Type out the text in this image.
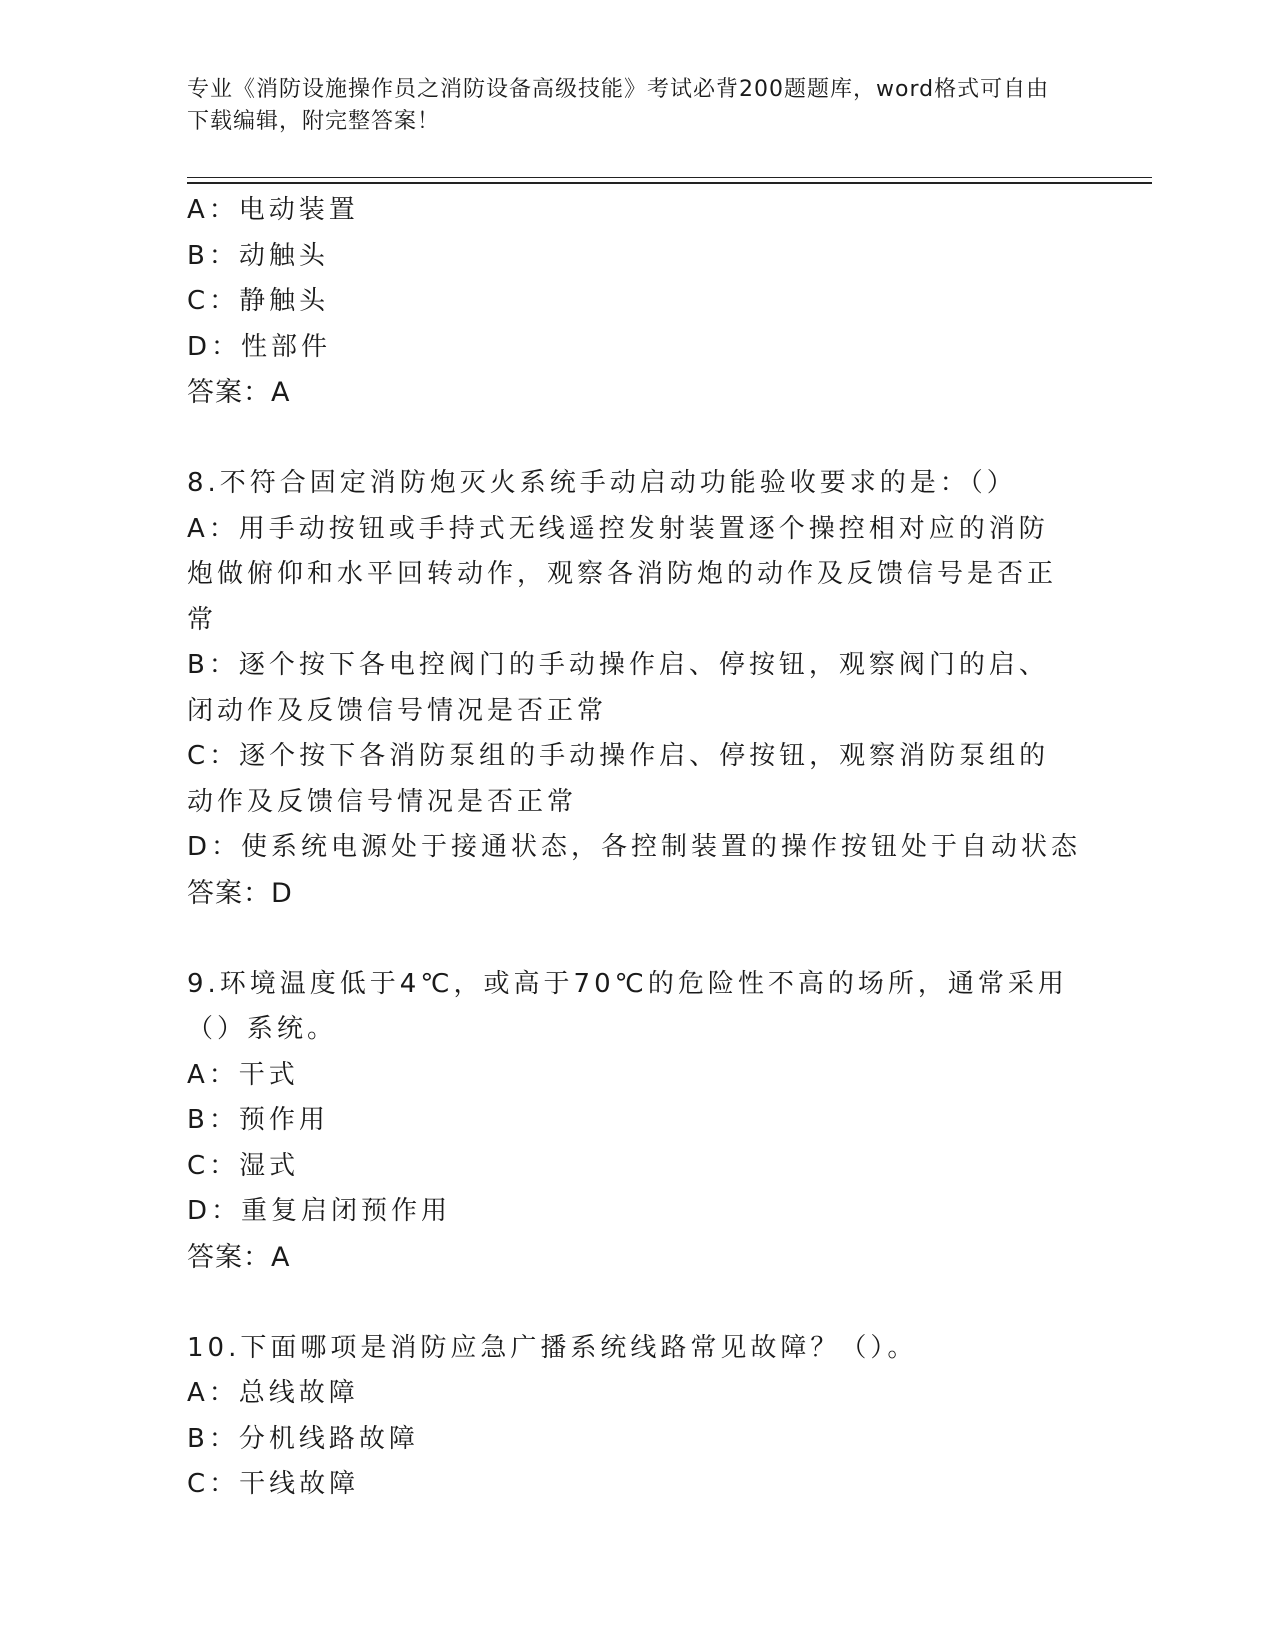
专业《消防设施操作员之消防设备高级技能》考试必背200题题库，word格式可自由下载编辑，附完整答案！
A：电动装置
B：动触头
C：静触头
D：性部件
答案：A
8.不符合固定消防炮灭火系统手动启动功能验收要求的是：（）
A：用手动按钮或手持式无线遥控发射装置逐个操控相对应的消防炮做俯仰和水平回转动作，观察各消防炮的动作及反馈信号是否正常
B：逐个按下各电控阀门的手动操作启、停按钮，观察阀门的启、闭动作及反馈信号情况是否正常
C：逐个按下各消防泵组的手动操作启、停按钮，观察消防泵组的动作及反馈信号情况是否正常
D：使系统电源处于接通状态，各控制装置的操作按钮处于自动状态
答案：D
9.环境温度低于4℃，或高于70℃的危险性不高的场所，通常采用（）系统。
A：干式
B：预作用
C：湿式
D：重复启闭预作用
答案：A
10.下面哪项是消防应急广播系统线路常见故障？（）。
A：总线故障
B：分机线路故障
C：干线故障
